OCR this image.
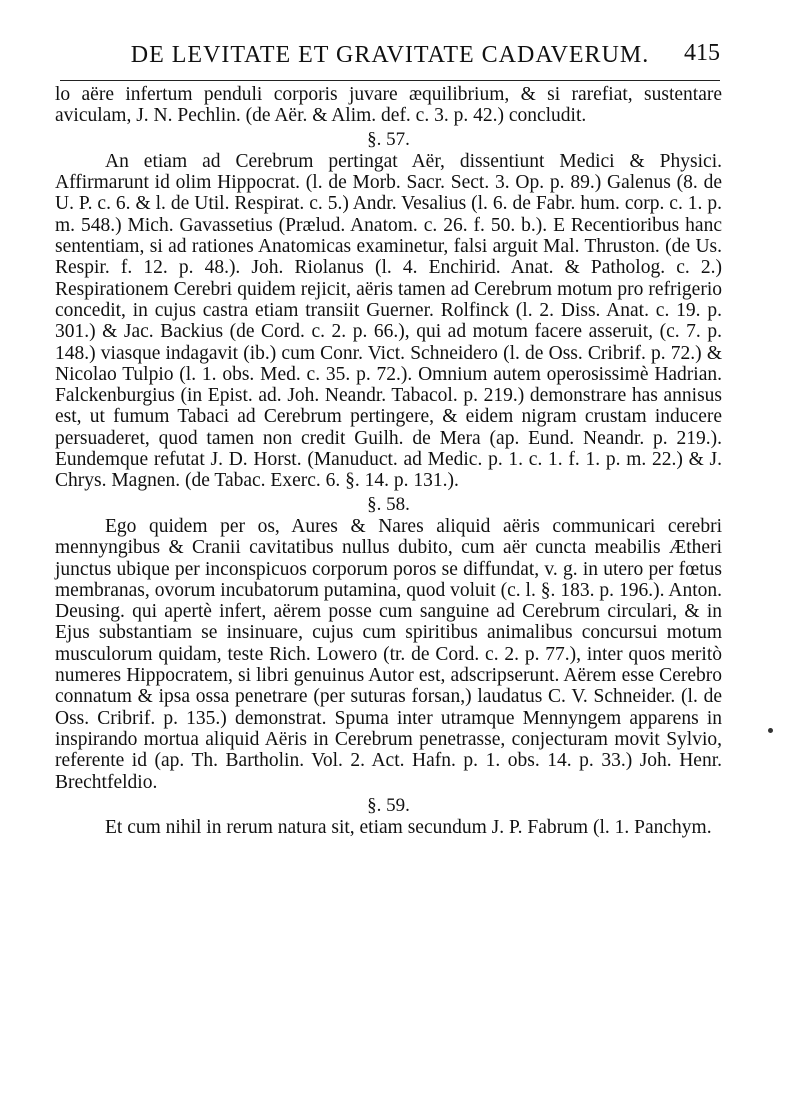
DE LEVITATE ET GRAVITATE CADAVERUM.	415

lo aëre infertum penduli corporis juvare æquilibrium, & si rarefiat, sustentare aviculam, J. N. Pechlin. (de Aër. & Alim. def. c. 3. p. 42.) concludit.

§. 57.

An etiam ad Cerebrum pertingat Aër, dissentiunt Medici & Physici. Affirmarunt id olim Hippocrat. (l. de Morb. Sacr. Sect. 3. Op. p. 89.) Galenus (8. de U. P. c. 6. & l. de Util. Respirat. c. 5.) Andr. Vesalius (l. 6. de Fabr. hum. corp. c. 1. p. m. 548.) Mich. Gavassetius (Prælud. Anatom. c. 26. f. 50. b.). E Recentioribus hanc sententiam, si ad rationes Anatomicas examinetur, falsi arguit Mal. Thruston. (de Us. Respir. f. 12. p. 48.). Joh. Riolanus (l. 4. Enchirid. Anat. & Patholog. c. 2.) Respirationem Cerebri quidem rejicit, aëris tamen ad Cerebrum motum pro refrigerio concedit, in cujus castra etiam transiit Guerner. Rolfinck (l. 2. Diss. Anat. c. 19. p. 301.) & Jac. Backius (de Cord. c. 2. p. 66.), qui ad motum facere asseruit, (c. 7. p. 148.) viasque indagavit (ib.) cum Conr. Vict. Schneidero (l. de Oss. Cribrif. p. 72.) & Nicolao Tulpio (l. 1. obs. Med. c. 35. p. 72.). Omnium autem operosissimè Hadrian. Falckenburgius (in Epist. ad. Joh. Neandr. Tabacol. p. 219.) demonstrare has annisus est, ut fumum Tabaci ad Cerebrum pertingere, & eidem nigram crustam inducere persuaderet, quod tamen non credit Guilh. de Mera (ap. Eund. Neandr. p. 219.). Eundemque refutat J. D. Horst. (Manuduct. ad Medic. p. 1. c. 1. f. 1. p. m. 22.) & J. Chrys. Magnen. (de Tabac. Exerc. 6. §. 14. p. 131.).

§. 58.

Ego quidem per os, Aures & Nares aliquid aëris communicari cerebri mennyngibus & Cranii cavitatibus nullus dubito, cum aër cuncta meabilis Ætheri junctus ubique per inconspicuos corporum poros se diffundat, v. g. in utero per fœtus membranas, ovorum incubatorum putamina, quod voluit (c. l. §. 183. p. 196.). Anton. Deusing. qui apertè infert, aërem posse cum sanguine ad Cerebrum circulari, & in Ejus substantiam se insinuare, cujus cum spiritibus animalibus concursui motum musculorum quidam, teste Rich. Lowero (tr. de Cord. c. 2. p. 77.), inter quos meritò numeres Hippocratem, si libri genuinus Autor est, adscripserunt. Aërem esse Cerebro connatum & ipsa ossa penetrare (per suturas forsan,) laudatus C. V. Schneider. (l. de Oss. Cribrif. p. 135.) demonstrat. Spuma inter utramque Mennyngem apparens in inspirando mortua aliquid Aëris in Cerebrum penetrasse, conjecturam movit Sylvio, referente id (ap. Th. Bartholin. Vol. 2. Act. Hafn. p. 1. obs. 14. p. 33.) Joh. Henr. Brechtfeldio.

§. 59.

Et cum nihil in rerum natura sit, etiam secundum J. P. Fabrum (l. 1. Panchym.
